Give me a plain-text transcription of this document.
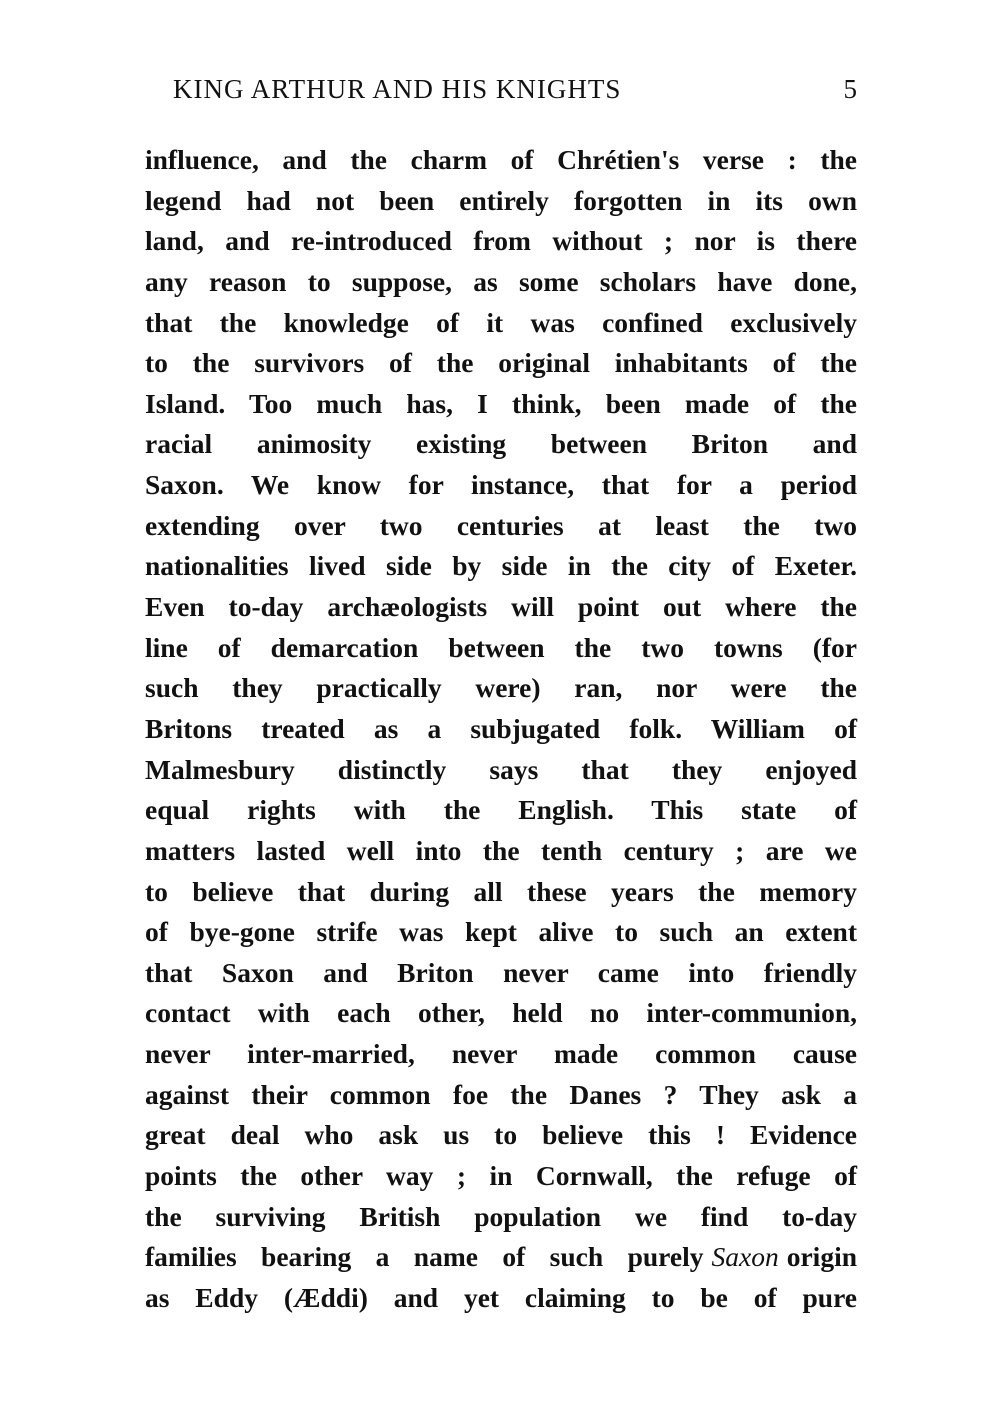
KING ARTHUR AND HIS KNIGHTS	5
influence, and the charm of Chrétien's verse : the
legend had not been entirely forgotten in its own
land, and re-introduced from without ; nor is there
any reason to suppose, as some scholars have done,
that the knowledge of it was confined exclusively
to the survivors of the original inhabitants of the
Island. Too much has, I think, been made of the
racial animosity existing between Briton and
Saxon. We know for instance, that for a period
extending over two centuries at least the two
nationalities lived side by side in the city of Exeter.
Even to-day archæologists will point out where the
line of demarcation between the two towns (for
such they practically were) ran, nor were the
Britons treated as a subjugated folk. William of
Malmesbury distinctly says that they enjoyed
equal rights with the English. This state of
matters lasted well into the tenth century ; are we
to believe that during all these years the memory
of bye-gone strife was kept alive to such an extent
that Saxon and Briton never came into friendly
contact with each other, held no inter-communion,
never inter-married, never made common cause
against their common foe the Danes ? They ask a
great deal who ask us to believe this ! Evidence
points the other way ; in Cornwall, the refuge of
the surviving British population we find to-day
families bearing a name of such purely Saxon origin
as Eddy (Æddi) and yet claiming to be of pure
